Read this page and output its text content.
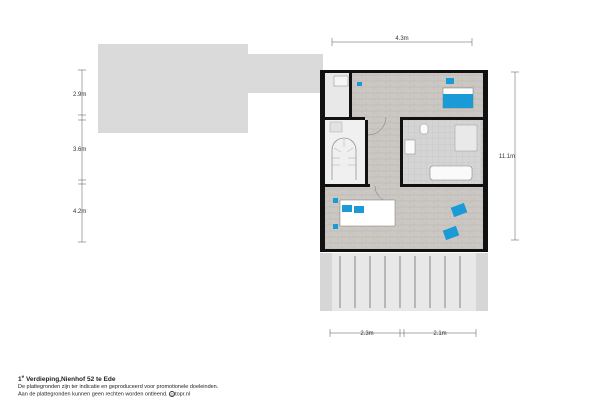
4.3m
11.1m
2.9m
3.6m
4.2m
2.3m	2.1m
1e Verdieping,Nienhof 52 te Ede
De plattegronden zijn ter indicatie en geproduceerd voor promotionele doeleinden.
Aan de plattegronden kunnen geen rechten worden ontleend. © topr.nl
